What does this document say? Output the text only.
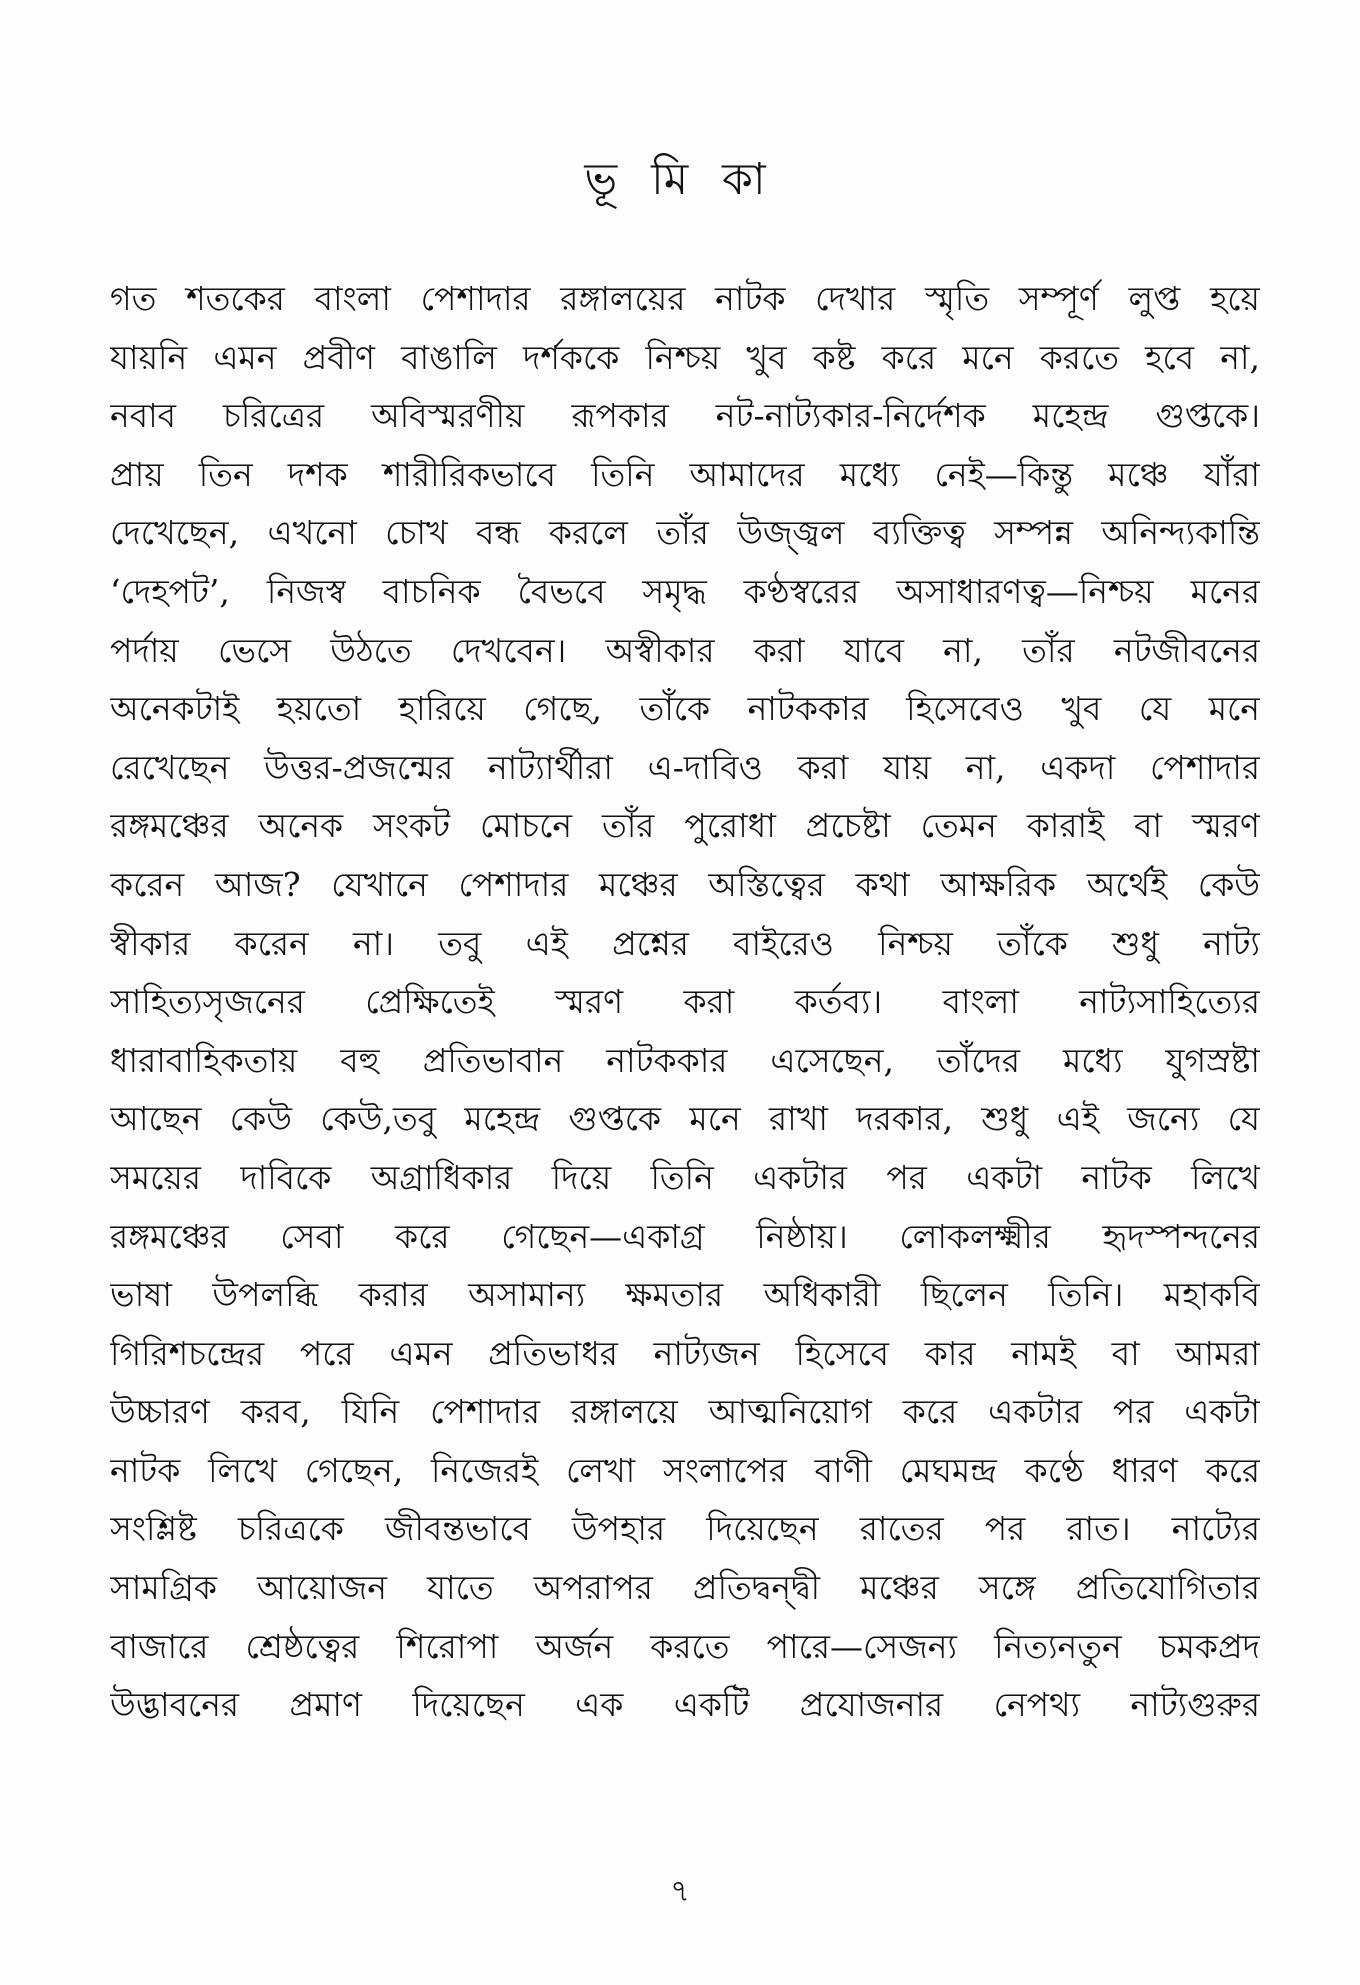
ভূ মি কা
গত শতকের বাংলা পেশাদার রঙ্গালয়ের নাটক দেখার স্মৃতি সম্পূর্ণ লুপ্ত হয়ে
যায়নি এমন প্রবীণ বাঙালি দর্শককে নিশ্চয় খুব কষ্ট করে মনে করতে হবে না,
নবাব চরিত্রের অবিস্মরণীয় রূপকার নট-নাট্যকার-নির্দেশক মহেন্দ্র গুপ্তকে।
প্রায় তিন দশক শারীরিকভাবে তিনি আমাদের মধ্যে নেই—কিন্তু মঞ্চে যাঁরা
দেখেছেন, এখনো চোখ বন্ধ করলে তাঁর উজ্জ্বল ব্যক্তিত্ব সম্পন্ন অনিন্দ্যকান্তি
‘দেহপট’, নিজস্ব বাচনিক বৈভবে সমৃদ্ধ কণ্ঠস্বরের অসাধারণত্ব—নিশ্চয় মনের
পর্দায় ভেসে উঠতে দেখবেন। অস্বীকার করা যাবে না, তাঁর নটজীবনের
অনেকটাই হয়তো হারিয়ে গেছে, তাঁকে নাটককার হিসেবেও খুব যে মনে
রেখেছেন উত্তর-প্রজন্মের নাট্যার্থীরা এ-দাবিও করা যায় না, একদা পেশাদার
রঙ্গমঞ্চের অনেক সংকট মোচনে তাঁর পুরোধা প্রচেষ্টা তেমন কারাই বা স্মরণ
করেন আজ? যেখানে পেশাদার মঞ্চের অস্তিত্বের কথা আক্ষরিক অর্থেই কেউ
স্বীকার করেন না। তবু এই প্রশ্নের বাইরেও নিশ্চয় তাঁকে শুধু নাট্য
সাহিত্যসৃজনের প্রেক্ষিতেই স্মরণ করা কর্তব্য। বাংলা নাট্যসাহিত্যের
ধারাবাহিকতায় বহু প্রতিভাবান নাটককার এসেছেন, তাঁদের মধ্যে যুগস্রষ্টা
আছেন কেউ কেউ,তবু মহেন্দ্র গুপ্তকে মনে রাখা দরকার, শুধু এই জন্যে যে
সময়ের দাবিকে অগ্রাধিকার দিয়ে তিনি একটার পর একটা নাটক লিখে
রঙ্গমঞ্চের সেবা করে গেছেন—একাগ্র নিষ্ঠায়। লোকলক্ষ্মীর হৃদস্পন্দনের
ভাষা উপলব্ধি করার অসামান্য ক্ষমতার অধিকারী ছিলেন তিনি। মহাকবি
গিরিশচন্দ্রের পরে এমন প্রতিভাধর নাট্যজন হিসেবে কার নামই বা আমরা
উচ্চারণ করব, যিনি পেশাদার রঙ্গালয়ে আত্মনিয়োগ করে একটার পর একটা
নাটক লিখে গেছেন, নিজেরই লেখা সংলাপের বাণী মেঘমন্দ্র কণ্ঠে ধারণ করে
সংশ্লিষ্ট চরিত্রকে জীবন্তভাবে উপহার দিয়েছেন রাতের পর রাত। নাট্যের
সামগ্রিক আয়োজন যাতে অপরাপর প্রতিদ্বন্দ্বী মঞ্চের সঙ্গে প্রতিযোগিতার
বাজারে শ্রেষ্ঠত্বের শিরোপা অর্জন করতে পারে—সেজন্য নিত্যনতুন চমকপ্রদ
উদ্ভাবনের প্রমাণ দিয়েছেন এক একটি প্রযোজনার নেপথ্য নাট্যগুরুর
৭
